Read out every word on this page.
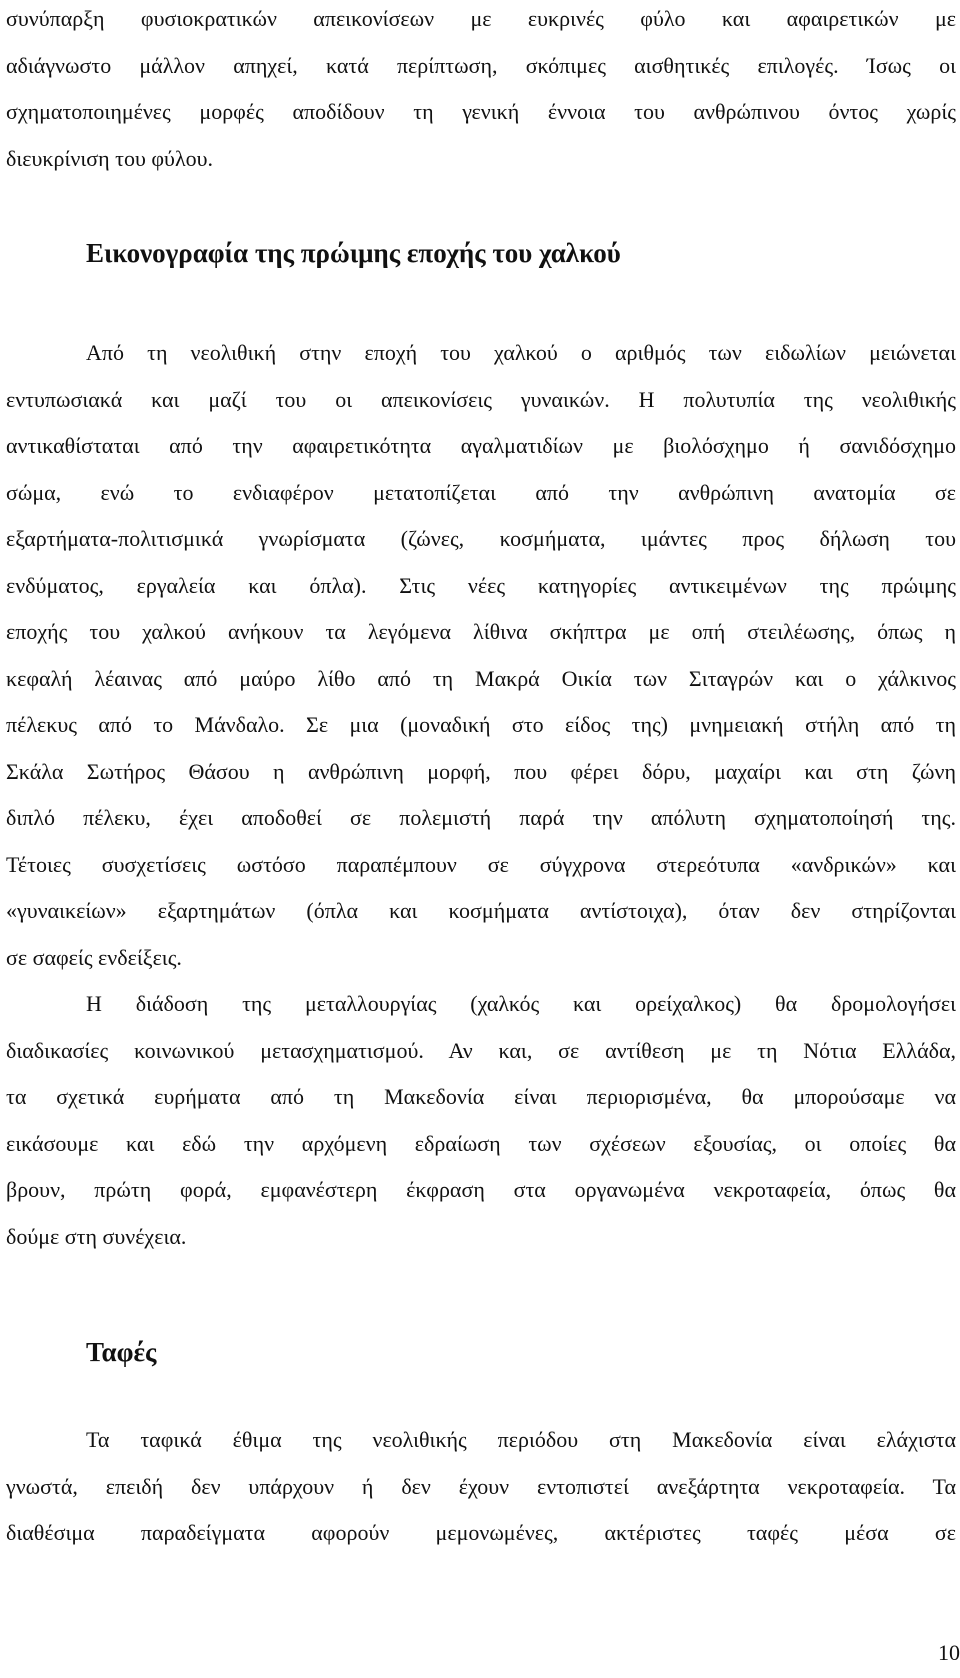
συνύπαρξη φυσιοκρατικών απεικονίσεων με ευκρινές φύλο και αφαιρετικών με
αδιάγνωστο μάλλον απηχεί, κατά περίπτωση, σκόπιμες αισθητικές επιλογές. Ίσως οι
σχηματοποιημένες μορφές αποδίδουν τη γενική έννοια του ανθρώπινου όντος χωρίς
διευκρίνιση του φύλου.
Εικονογραφία της πρώιμης εποχής του χαλκού
Από τη νεολιθική στην εποχή του χαλκού ο αριθμός των ειδωλίων μειώνεται
εντυπωσιακά και μαζί του οι απεικονίσεις γυναικών. Η πολυτυπία της νεολιθικής
αντικαθίσταται από την αφαιρετικότητα αγαλματιδίων με βιολόσχημο ή σανιδόσχημο
σώμα, ενώ το ενδιαφέρον μετατοπίζεται από την ανθρώπινη ανατομία σε
εξαρτήματα-πολιτισμικά γνωρίσματα (ζώνες, κοσμήματα, ιμάντες προς δήλωση του
ενδύματος, εργαλεία και όπλα). Στις νέες κατηγορίες αντικειμένων της πρώιμης
εποχής του χαλκού ανήκουν τα λεγόμενα λίθινα σκήπτρα με οπή στειλέωσης, όπως η
κεφαλή λέαινας από μαύρο λίθο από τη Μακρά Οικία των Σιταγρών και ο χάλκινος
πέλεκυς από το Μάνδαλο. Σε μια (μοναδική στο είδος της) μνημειακή στήλη από τη
Σκάλα Σωτήρος Θάσου η ανθρώπινη μορφή, που φέρει δόρυ, μαχαίρι και στη ζώνη
διπλό πέλεκυ, έχει αποδοθεί σε πολεμιστή παρά την απόλυτη σχηματοποίησή της.
Τέτοιες συσχετίσεις ωστόσο παραπέμπουν σε σύγχρονα στερεότυπα «ανδρικών» και
«γυναικείων» εξαρτημάτων (όπλα και κοσμήματα αντίστοιχα), όταν δεν στηρίζονται
σε σαφείς ενδείξεις.
Η διάδοση της μεταλλουργίας (χαλκός και ορείχαλκος) θα δρομολογήσει
διαδικασίες κοινωνικού μετασχηματισμού. Αν και, σε αντίθεση με τη Νότια Ελλάδα,
τα σχετικά ευρήματα από τη Μακεδονία είναι περιορισμένα, θα μπορούσαμε να
εικάσουμε και εδώ την αρχόμενη εδραίωση των σχέσεων εξουσίας, οι οποίες θα
βρουν, πρώτη φορά, εμφανέστερη έκφραση στα οργανωμένα νεκροταφεία, όπως θα
δούμε στη συνέχεια.
Ταφές
Τα ταφικά έθιμα της νεολιθικής περιόδου στη Μακεδονία είναι ελάχιστα
γνωστά, επειδή δεν υπάρχουν ή δεν έχουν εντοπιστεί ανεξάρτητα νεκροταφεία. Τα
διαθέσιμα παραδείγματα αφορούν μεμονωμένες, ακτέριστες ταφές μέσα σε
10
